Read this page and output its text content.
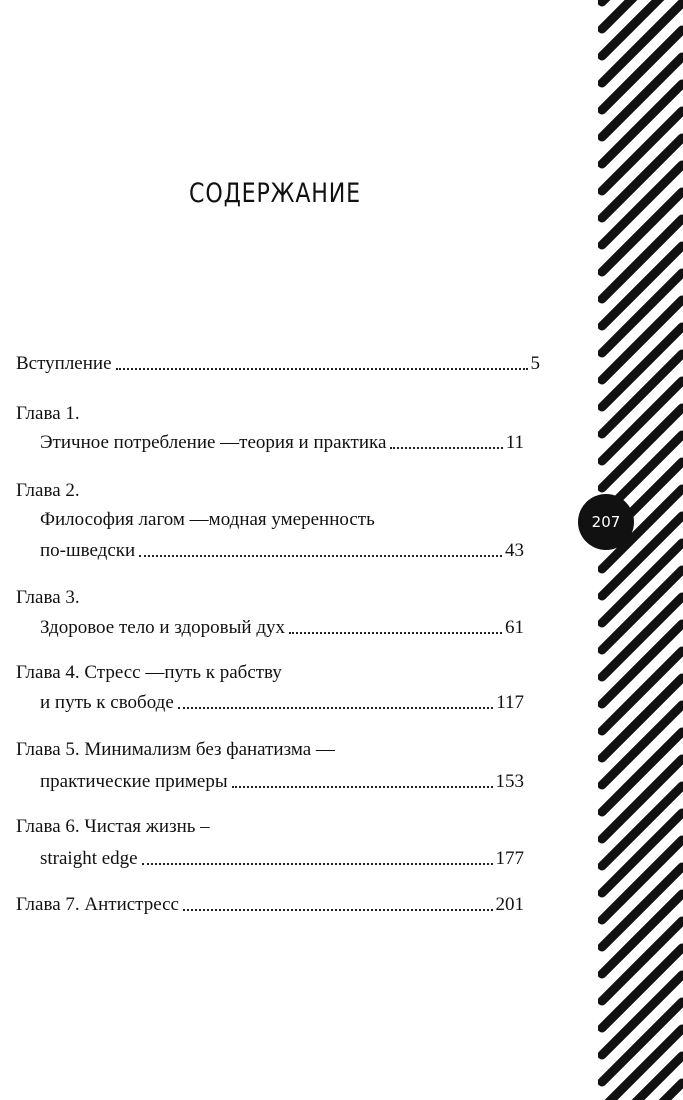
СОДЕРЖАНИЕ
Вступление	5
Глава 1.
Этичное потребление —теория и практика	11
Глава 2.
Философия лагом —модная умеренность
по-шведски	43
Глава 3.
Здоровое тело и здоровый дух	61
Глава 4. Стресс —путь к рабству
и путь к свободе	117
Глава 5. Минимализм без фанатизма —
практические примеры	153
Глава 6. Чистая жизнь –
straight edge	177
Глава 7. Антистресс	201
207
